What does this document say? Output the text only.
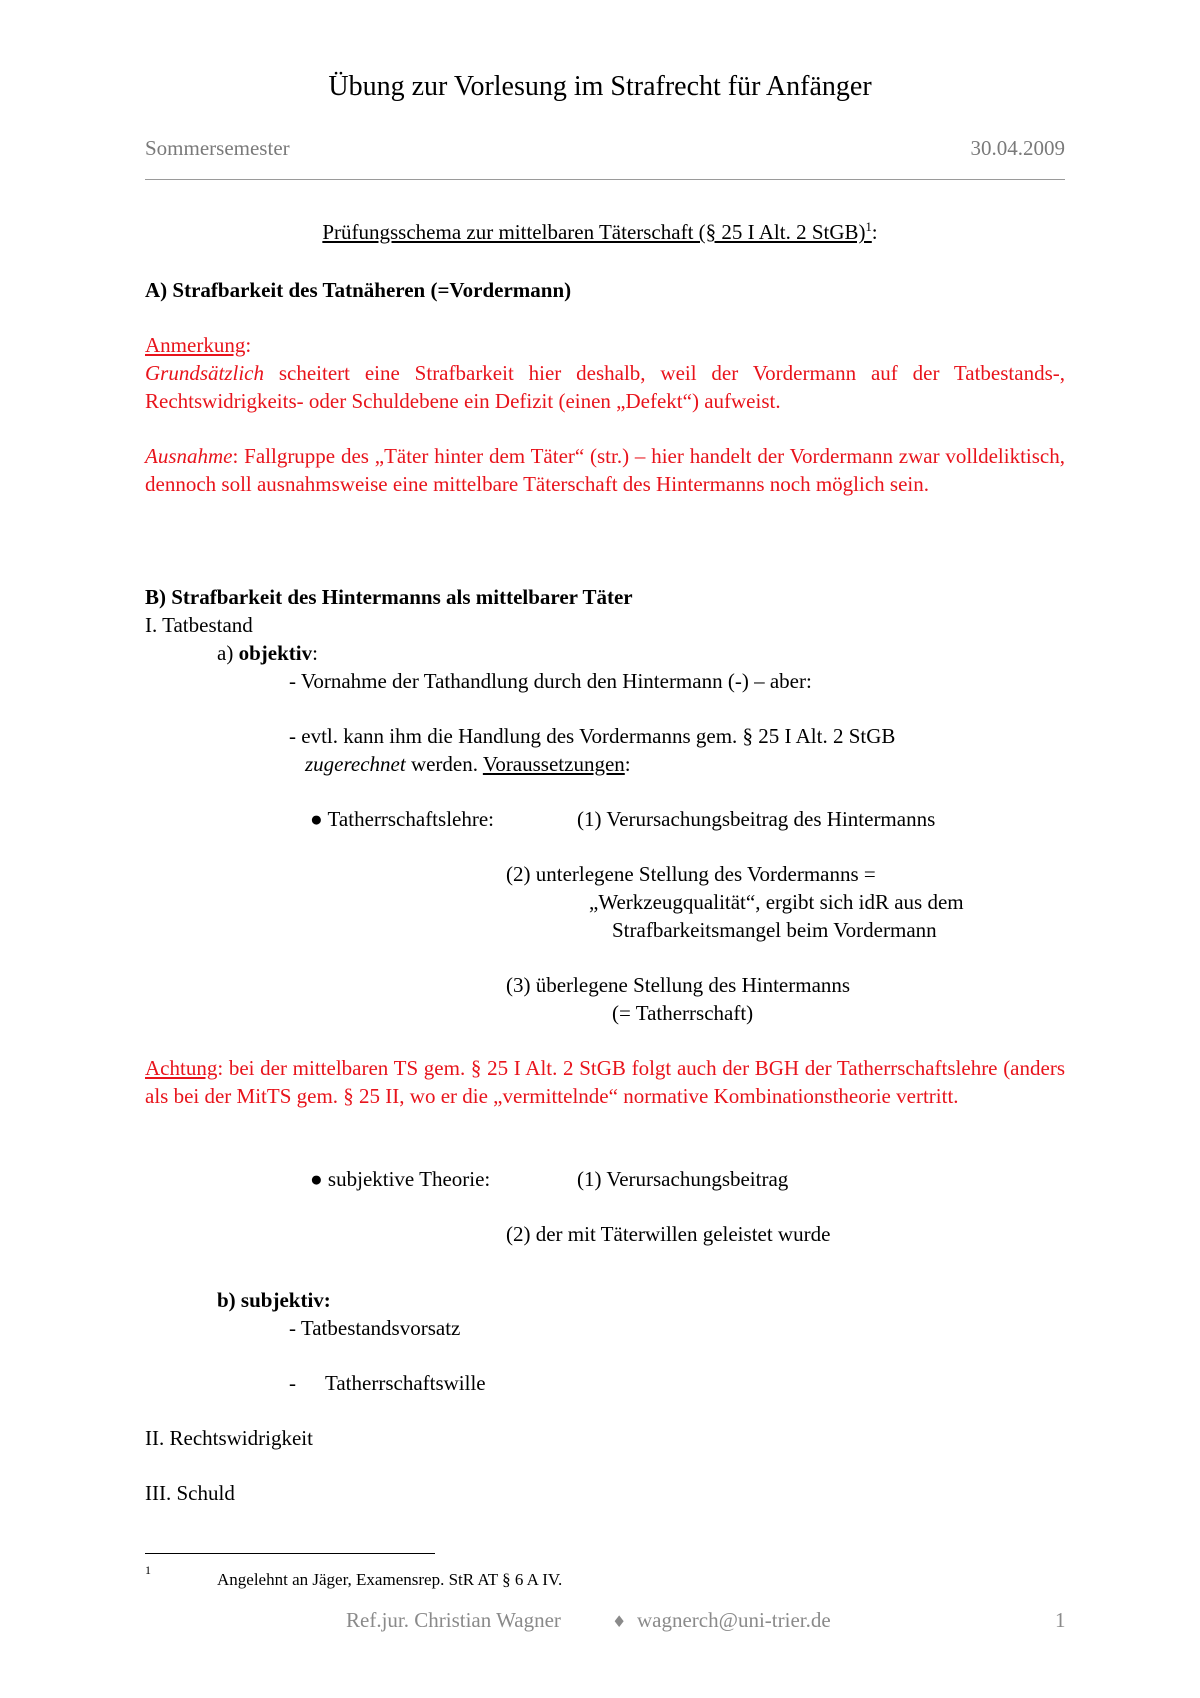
Übung zur Vorlesung im Strafrecht für Anfänger
Sommersemester	30.04.2009
Prüfungsschema zur mittelbaren Täterschaft (§ 25 I Alt. 2 StGB)$^1$:
A) Strafbarkeit des Tatnäheren (=Vordermann)
Anmerkung:
Grundsätzlich scheitert eine Strafbarkeit hier deshalb, weil der Vordermann auf der Tatbestands-, Rechtswidrigkeits- oder Schuldebene ein Defizit (einen „Defekt“) aufweist.
Ausnahme: Fallgruppe des „Täter hinter dem Täter“ (str.) – hier handelt der Vordermann zwar volldeliktisch, dennoch soll ausnahmsweise eine mittelbare Täterschaft des Hintermanns noch möglich sein.
B) Strafbarkeit des Hintermanns als mittelbarer Täter
I. Tatbestand
a) objektiv:
- Vornahme der Tathandlung durch den Hintermann (-) – aber:
- evtl. kann ihm die Handlung des Vordermanns gem. § 25 I Alt. 2 StGB
zugerechnet werden. Voraussetzungen:
● Tatherrschaftslehre:	(1) Verursachungsbeitrag des Hintermanns
(2) unterlegene Stellung des Vordermanns =
„Werkzeugqualität“, ergibt sich idR aus dem
Strafbarkeitsmangel beim Vordermann
(3) überlegene Stellung des Hintermanns
(= Tatherrschaft)
Achtung: bei der mittelbaren TS gem. § 25 I Alt. 2 StGB folgt auch der BGH der Tatherrschaftslehre (anders als bei der MitTS gem. § 25 II, wo er die „vermittelnde“ normative Kombinationstheorie vertritt.
● subjektive Theorie:	(1) Verursachungsbeitrag
(2) der mit Täterwillen geleistet wurde
b) subjektiv:
- Tatbestandsvorsatz
- Tatherrschaftswille
II. Rechtswidrigkeit
III. Schuld
1	Angelehnt an Jäger, Examensrep. StR AT § 6 A IV.
Ref.jur. Christian Wagner	♦ wagnerch@uni-trier.de	1
